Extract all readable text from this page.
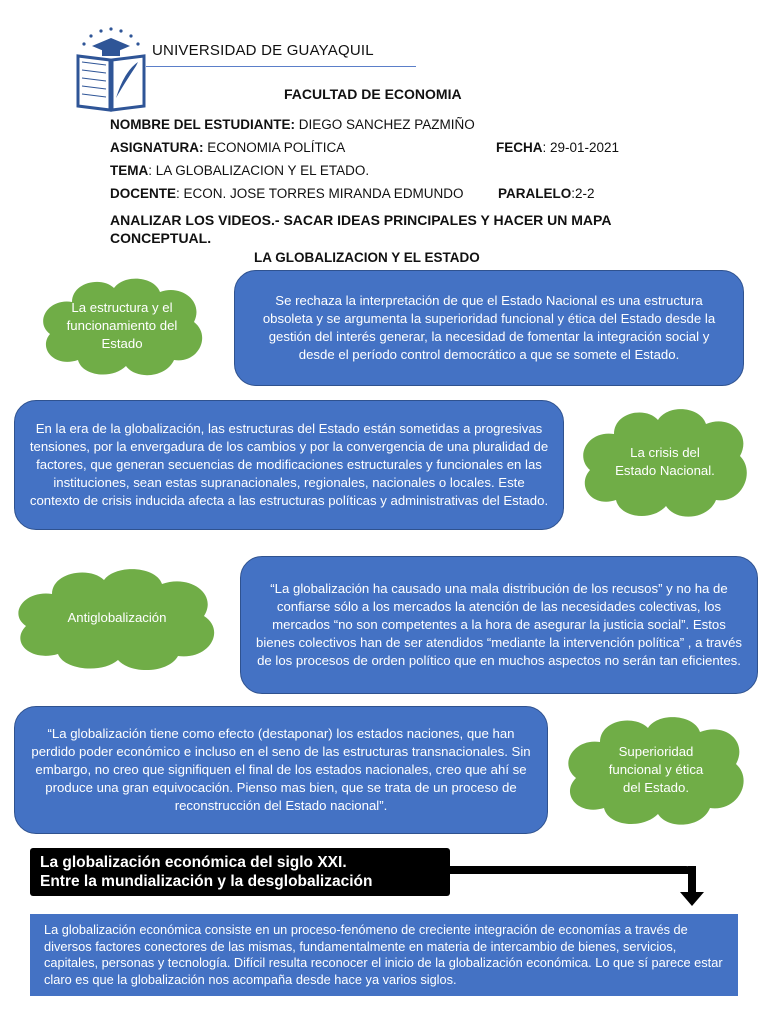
UNIVERSIDAD DE GUAYAQUIL
FACULTAD DE ECONOMIA
NOMBRE DEL ESTUDIANTE: DIEGO SANCHEZ PAZMIÑO
ASIGNATURA: ECONOMIA POLÍTICA	FECHA: 29-01-2021
TEMA: LA GLOBALIZACION Y EL ETADO.
DOCENTE: ECON. JOSE TORRES MIRANDA EDMUNDO	PARALELO:2-2
ANALIZAR LOS VIDEOS.- SACAR IDEAS PRINCIPALES Y HACER UN MAPA CONCEPTUAL.
LA GLOBALIZACION Y EL ESTADO
La estructura y el funcionamiento del Estado
Se rechaza la interpretación de que el Estado Nacional es una estructura obsoleta y se argumenta la superioridad funcional y ética del Estado desde la gestión del interés generar, la necesidad de fomentar la integración social y desde el período control democrático a que se somete el Estado.
En la era de la globalización, las estructuras del Estado están sometidas a progresivas tensiones, por la envergadura de los cambios y por la convergencia de una pluralidad de factores, que generan secuencias de modificaciones estructurales y funcionales en las instituciones, sean estas supranacionales, regionales, nacionales o locales. Este contexto de crisis inducida afecta a las estructuras políticas y administrativas del Estado.
La crisis del Estado Nacional.
Antiglobalización
“La globalización ha causado una mala distribución de los recusos” y no ha de confiarse sólo a los mercados la atención de las necesidades colectivas, los mercados “no son competentes a la hora de asegurar la justicia social”. Estos bienes colectivos han de ser atendidos “mediante la intervención política” , a través de los procesos de orden político que en muchos aspectos no serán tan eficientes.
“La globalización tiene como efecto (destaponar) los estados naciones, que han perdido poder económico e incluso en el seno de las estructuras transnacionales. Sin embargo, no creo que signifiquen el final de los estados nacionales, creo que ahí se produce una gran equivocación. Pienso mas bien, que se trata de un proceso de reconstrucción del Estado nacional”.
Superioridad funcional y ética del Estado.
La globalización económica del siglo XXI.
Entre la mundialización y la desglobalización
La globalización económica consiste en un proceso-fenómeno de creciente integración de economías a través de diversos factores conectores de las mismas, fundamentalmente en materia de intercambio de bienes, servicios, capitales, personas y tecnología. Difícil resulta reconocer el inicio de la globalización económica. Lo que sí parece estar claro es que la globalización nos acompaña desde hace ya varios siglos.
